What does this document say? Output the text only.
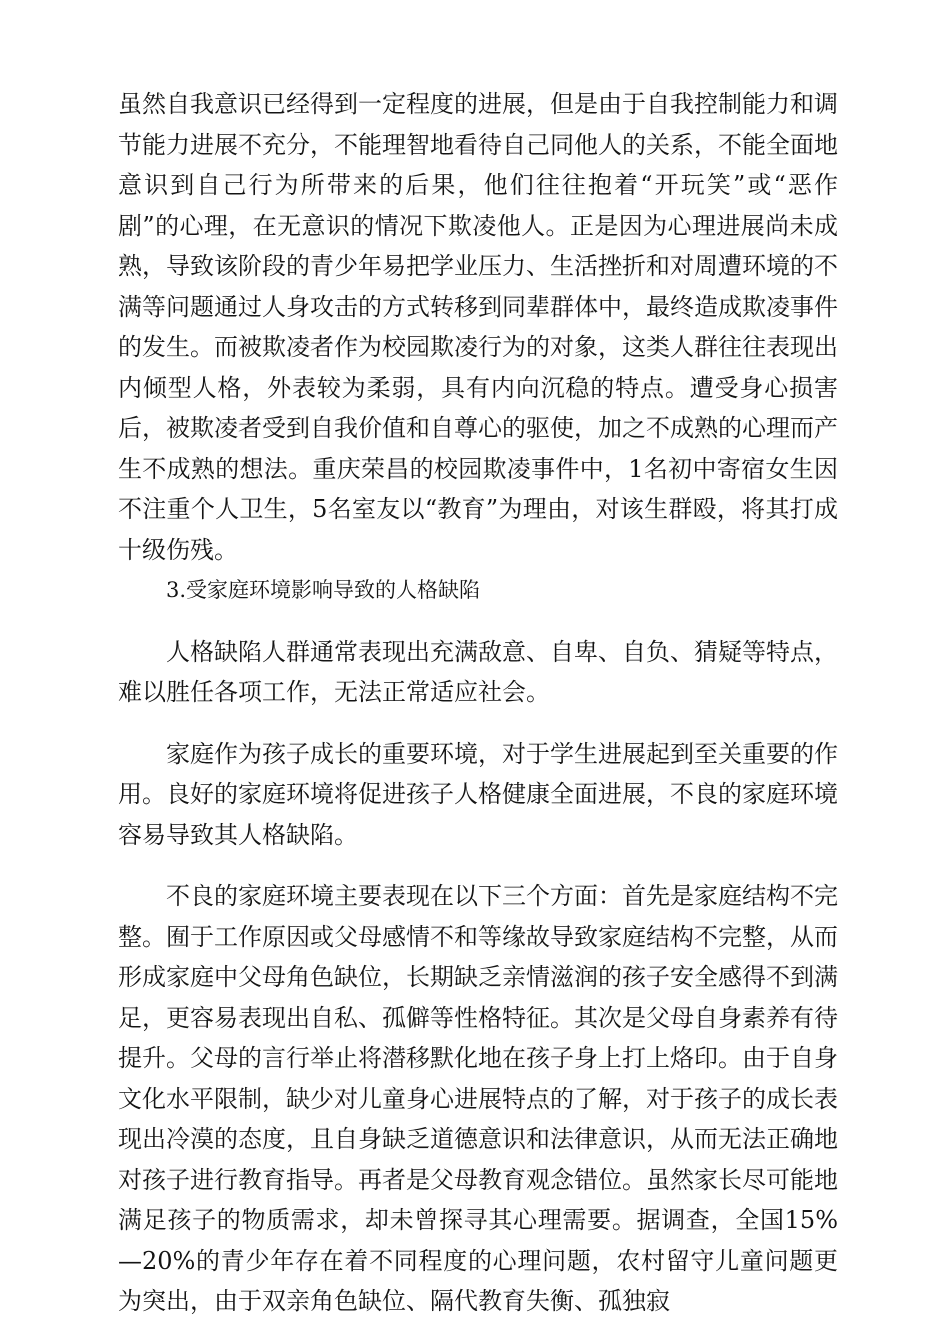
虽然自我意识已经得到一定程度的进展，但是由于自我控制能力和调节能力进展不充分，不能理智地看待自己同他人的关系，不能全面地意识到自己行为所带来的后果，他们往往抱着“开玩笑”或“恶作剧”的心理，在无意识的情况下欺凌他人。正是因为心理进展尚未成熟，导致该阶段的青少年易把学业压力、生活挫折和对周遭环境的不满等问题通过人身攻击的方式转移到同辈群体中，最终造成欺凌事件的发生。而被欺凌者作为校园欺凌行为的对象，这类人群往往表现出内倾型人格，外表较为柔弱，具有内向沉稳的特点。遭受身心损害后，被欺凌者受到自我价值和自尊心的驱使，加之不成熟的心理而产生不成熟的想法。重庆荣昌的校园欺凌事件中，1名初中寄宿女生因不注重个人卫生，5名室友以“教育”为理由，对该生群殴，将其打成十级伤残。

3.受家庭环境影响导致的人格缺陷

人格缺陷人群通常表现出充满敌意、自卑、自负、猜疑等特点，难以胜任各项工作，无法正常适应社会。

家庭作为孩子成长的重要环境，对于学生进展起到至关重要的作用。良好的家庭环境将促进孩子人格健康全面进展，不良的家庭环境容易导致其人格缺陷。

不良的家庭环境主要表现在以下三个方面：首先是家庭结构不完整。囿于工作原因或父母感情不和等缘故导致家庭结构不完整，从而形成家庭中父母角色缺位，长期缺乏亲情滋润的孩子安全感得不到满足，更容易表现出自私、孤僻等性格特征。其次是父母自身素养有待提升。父母的言行举止将潜移默化地在孩子身上打上烙印。由于自身文化水平限制，缺少对儿童身心进展特点的了解，对于孩子的成长表现出冷漠的态度，且自身缺乏道德意识和法律意识，从而无法正确地对孩子进行教育指导。再者是父母教育观念错位。虽然家长尽可能地满足孩子的物质需求，却未曾探寻其心理需要。据调查，全国15%—20%的青少年存在着不同程度的心理问题，农村留守儿童问题更为突出，由于双亲角色缺位、隔代教育失衡、孤独寂
